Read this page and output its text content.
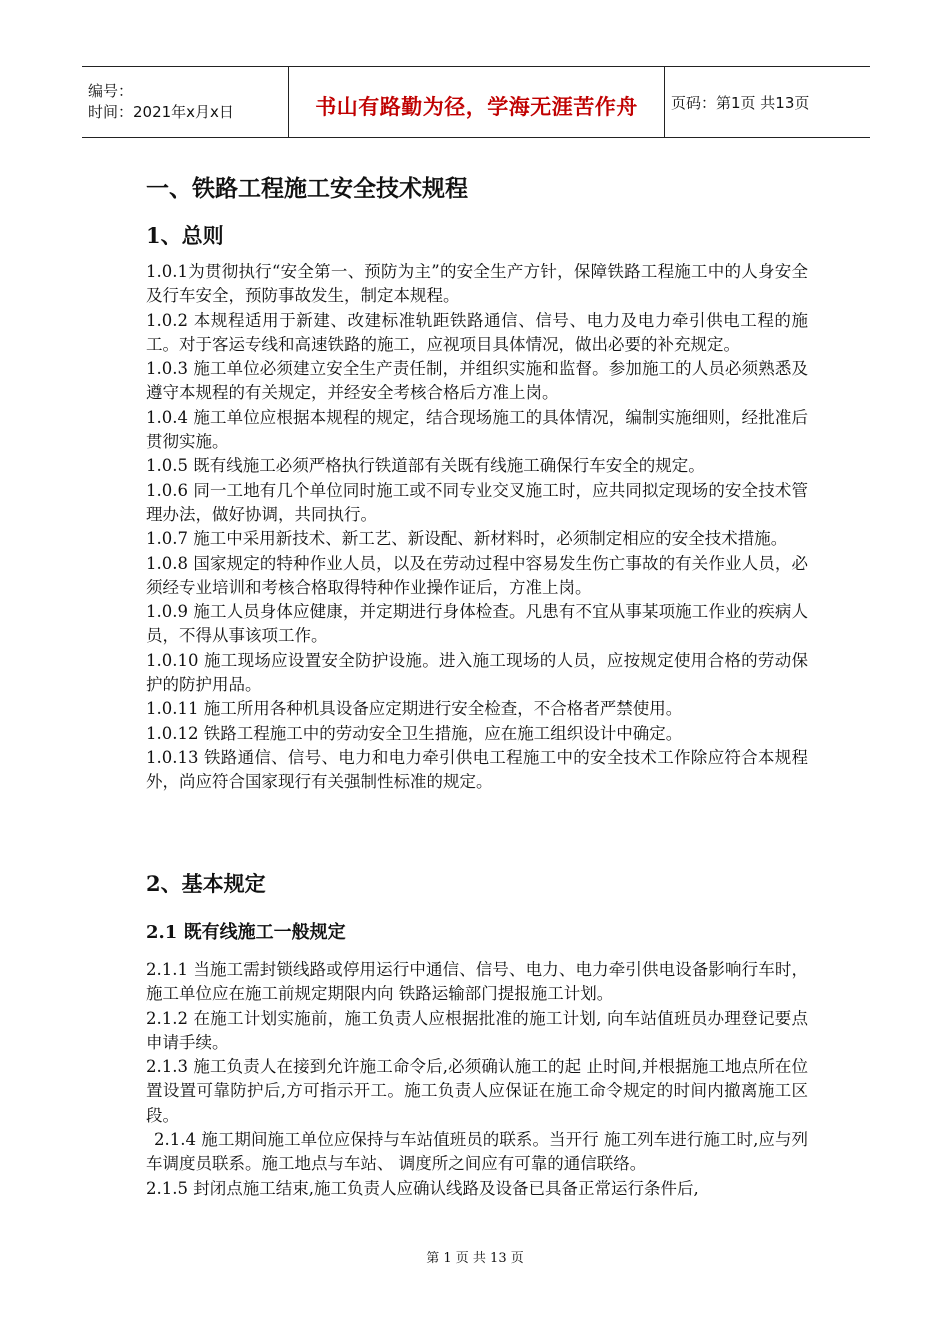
编号：
时间：2021年x月x日	书山有路勤为径，学海无涯苦作舟 页码：第1页 共13页
一、铁路工程施工安全技术规程
1、总则

1.0.1为贯彻执行“安全第一、预防为主”的安全生产方针，保障铁路工程施工中的人身安全及行车安全，预防事故发生，制定本规程。

1.0.2 本规程适用于新建、改建标准轨距铁路通信、信号、电力及电力牵引供电工程的施工。对于客运专线和高速铁路的施工，应视项目具体情况，做出必要的补充规定。

1.0.3 施工单位必须建立安全生产责任制，并组织实施和监督。参加施工的人员必须熟悉及遵守本规程的有关规定，并经安全考核合格后方准上岗。

1.0.4 施工单位应根据本规程的规定，结合现场施工的具体情况，编制实施细则，经批准后贯彻实施。

1.0.5 既有线施工必须严格执行铁道部有关既有线施工确保行车安全的规定。

1.0.6 同一工地有几个单位同时施工或不同专业交叉施工时，应共同拟定现场的安全技术管理办法，做好协调，共同执行。

1.0.7 施工中采用新技术、新工艺、新设配、新材料时，必须制定相应的安全技术措施。

1.0.8 国家规定的特种作业人员，以及在劳动过程中容易发生伤亡事故的有关作业人员，必须经专业培训和考核合格取得特种作业操作证后，方准上岗。

1.0.9 施工人员身体应健康，并定期进行身体检查。凡患有不宜从事某项施工作业的疾病人员，不得从事该项工作。

1.0.10 施工现场应设置安全防护设施。进入施工现场的人员，应按规定使用合格的劳动保护的防护用品。

1.0.11 施工所用各种机具设备应定期进行安全检查，不合格者严禁使用。

1.0.12 铁路工程施工中的劳动安全卫生措施，应在施工组织设计中确定。

1.0.13 铁路通信、信号、电力和电力牵引供电工程施工中的安全技术工作除应符合本规程外，尚应符合国家现行有关强制性标准的规定。

2、基本规定
2.1 既有线施工一般规定

2.1.1 当施工需封锁线路或停用运行中通信、信号、电力、电力牵引供电设备影响行车时，施工单位应在施工前规定期限内向 铁路运输部门提报施工计划。

2.1.2 在施工计划实施前，施工负责人应根据批准的施工计划, 向车站值班员办理登记要点申请手续。

2.1.3 施工负责人在接到允许施工命令后,必须确认施工的起 止时间,并根据施工地点所在位置设置可靠防护后,方可指示开工。施工负责人应保证在施工命令规定的时间内撤离施工区段。

2.1.4 施工期间施工单位应保持与车站值班员的联系。当开行 施工列车进行施工时,应与列车调度员联系。施工地点与车站、 调度所之间应有可靠的通信联络。

2.1.5 封闭点施工结束,施工负责人应确认线路及设备已具备正常运行条件后,

第 1 页 共 13 页
